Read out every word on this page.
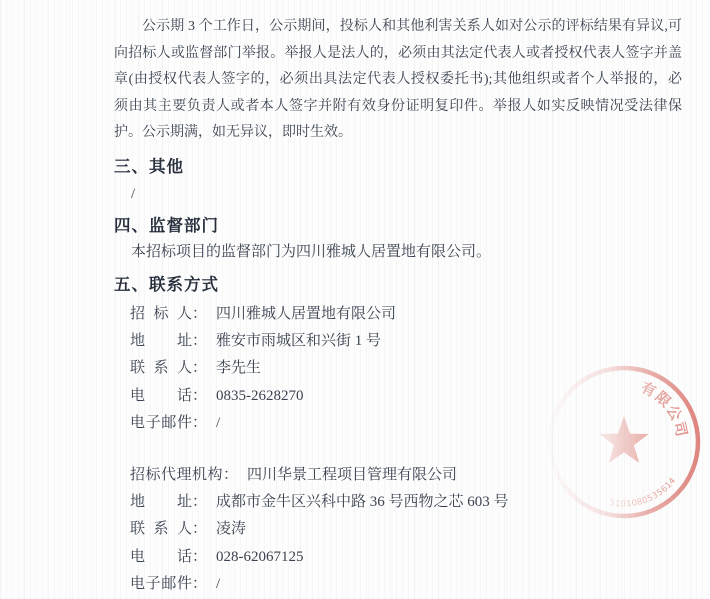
公示期 3 个工作日，公示期间，投标人和其他利害关系人如对公示的评标结果有异议,可
向招标人或监督部门举报。举报人是法人的，必须由其法定代表人或者授权代表人签字并盖
章(由授权代表人签字的，必须出具法定代表人授权委托书);其他组织或者个人举报的，必
须由其主要负责人或者本人签字并附有效身份证明复印件。举报人如实反映情况受法律保
护。公示期满，如无异议，即时生效。

三、其他
/
四、监督部门
本招标项目的监督部门为四川雅城人居置地有限公司。
五、联系方式
招标人： 四川雅城人居置地有限公司
地址： 雅安市雨城区和兴街 1 号
联系人： 李先生
电话： 0835-2628270
电子邮件： /
招标代理机构： 四川华景工程项目管理有限公司
地址： 成都市金牛区兴科中路 36 号西物之芯 603 号
联系人： 凌涛
电话： 028-62067125
电子邮件： /
有限公司
5101080535614
